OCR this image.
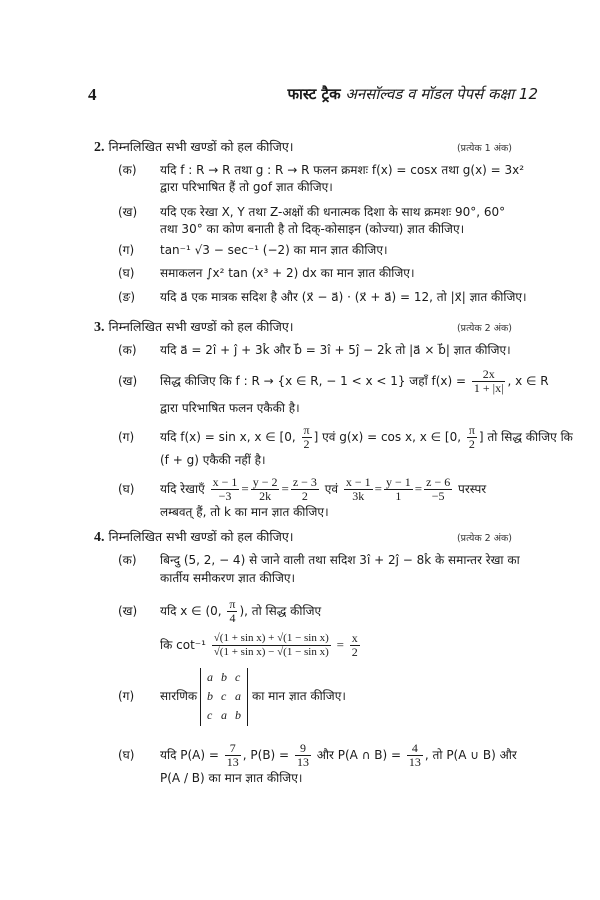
4	फास्ट ट्रैक अनसॉल्वड व मॉडल पेपर्स कक्षा 12
2. निम्नलिखित सभी खण्डों को हल कीजिए।	(प्रत्येक 1 अंक)
(क) यदि f : R → R तथा g : R → R फलन क्रमशः f(x) = cosx तथा g(x) = 3x²
द्वारा परिभाषित हैं तो gof ज्ञात कीजिए।
(ख) यदि एक रेखा X, Y तथा Z-अक्षों की धनात्मक दिशा के साथ क्रमशः 90°, 60°
तथा 30° का कोण बनाती है तो दिक्-कोसाइन (कोज्या) ज्ञात कीजिए।
(ग) tan⁻¹ √3 − sec⁻¹ (−2) का मान ज्ञात कीजिए।
(घ) समाकलन ∫x² tan (x³ + 2) dx का मान ज्ञात कीजिए।
(ङ) यदि a⃗ एक मात्रक सदिश है और (x⃗ − a⃗) · (x⃗ + a⃗) = 12, तो |x⃗| ज्ञात कीजिए।
3. निम्नलिखित सभी खण्डों को हल कीजिए।	(प्रत्येक 2 अंक)
(क) यदि a⃗ = 2î + ĵ + 3k̂ और b⃗ = 3î + 5ĵ − 2k̂ तो |a⃗ × b⃗| ज्ञात कीजिए।
(ख) सिद्ध कीजिए कि f : R → {x ∈ R, − 1 < x < 1} जहाँ $f(x) = \frac{2x}{1 + |x|}$ , x ∈ R
द्वारा परिभाषित फलन एकैकी है।
(ग) यदि f(x) = sin x, x ∈ [0, $\frac{\pi}{2}$ ] एवं g(x) = cos x, x ∈ [0, $\frac{\pi}{2}$ ] तो सिद्ध कीजिए कि
(f + g) एकैकी नहीं है।
(घ) यदि रेखाएँ $\frac{x - 1}{-3} = \frac{y - 2}{2k} = \frac{z - 3}{2}$ एवं $\frac{x - 1}{3k} = \frac{y - 1}{1} = \frac{z - 6}{-5}$ परस्पर
लम्बवत् हैं, तो k का मान ज्ञात कीजिए।
4. निम्नलिखित सभी खण्डों को हल कीजिए।	(प्रत्येक 2 अंक)
(क) बिन्दु (5, 2, − 4) से जाने वाली तथा सदिश 3î + 2ĵ − 8k̂ के समान्तर रेखा का
कार्तीय समीकरण ज्ञात कीजिए।
(ख) यदि x ∈ (0, $\frac{\pi}{4}$ ), तो सिद्ध कीजिए
कि $\cot^{-1} \frac{\text{√(1 + sin x) + √(1 − sin x)}}{\text{√(1 + sin x) − √(1 − sin x)}} = \frac{x}{2}$
(ग) सारणिक
a b c
b c a
c a b
का मान ज्ञात कीजिए।
(घ) यदि $P(A) = \frac{7}{13}$ , $P(B) = \frac{9}{13}$ और P(A ∩ $B) = \frac{4}{13}$ , तो P(A ∪ B) और
P(A / B) का मान ज्ञात कीजिए।
